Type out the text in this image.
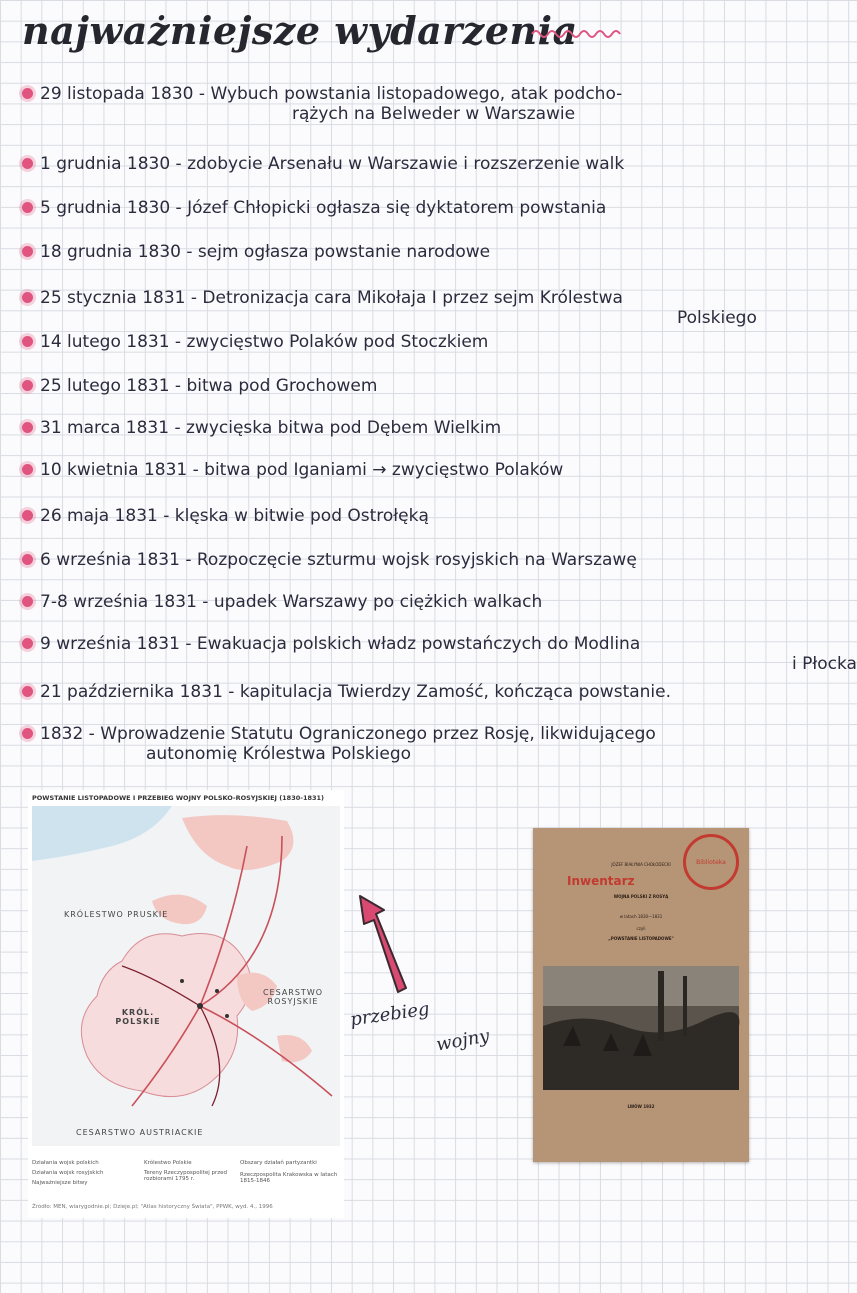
najważniejsze wydarzenia
29 listopada 1830 - Wybuch powstania listopadowego, atak podcho-
rążych na Belweder w Warszawie
1 grudnia 1830 - zdobycie Arsenału w Warszawie i rozszerzenie walk
5 grudnia 1830 - Józef Chłopicki ogłasza się dyktatorem powstania
18 grudnia 1830 - sejm ogłasza powstanie narodowe
25 stycznia 1831 - Detronizacja cara Mikołaja I przez sejm Królestwa
Polskiego
14 lutego 1831 - zwycięstwo Polaków pod Stoczkiem
25 lutego 1831 - bitwa pod Grochowem
31 marca 1831 - zwycięska bitwa pod Dębem Wielkim
10 kwietnia 1831 - bitwa pod Iganiami → zwycięstwo Polaków
26 maja 1831 - klęska w bitwie pod Ostrołęką
6 września 1831 - Rozpoczęcie szturmu wojsk rosyjskich na Warszawę
7-8 września 1831 - upadek Warszawy po ciężkich walkach
9 września 1831 - Ewakuacja polskich władz powstańczych do Modlina
i Płocka
21 października 1831 - kapitulacja Twierdzy Zamość, kończąca powstanie.
1832 - Wprowadzenie Statutu Ograniczonego przez Rosję, likwidującego
autonomię Królestwa Polskiego
POWSTANIE LISTOPADOWE I PRZEBIEG WOJNY POLSKO-ROSYJSKIEJ (1830-1831)
KRÓLESTWO PRUSKIE
CESARSTWO ROSYJSKIE
KRÓL. POLSKIE
CESARSTWO AUSTRIACKIE
Działania wojsk polskich
Działania wojsk rosyjskich
Najważniejsze bitwy
Królestwo Polskie
Tereny Rzeczypospolitej przed rozbiorami 1795 r.
Obszary działań partyzantki
Rzeczpospolita Krakowska w latach 1815-1846
Źródło: MEN, wiarygodnie.pl; Dzieje.pl; "Atlas historyczny Świata", PPWK, wyd. 4., 1996
przebieg
wojny
Biblioteka
JÓZEF BIAŁYNIA CHOŁODECKI
Inwentarz
WOJNA POLSKI Z ROSYĄ
w latach 1830—1831
czyli
„POWSTANIE LISTOPADOWE"
LWÓW 1932
